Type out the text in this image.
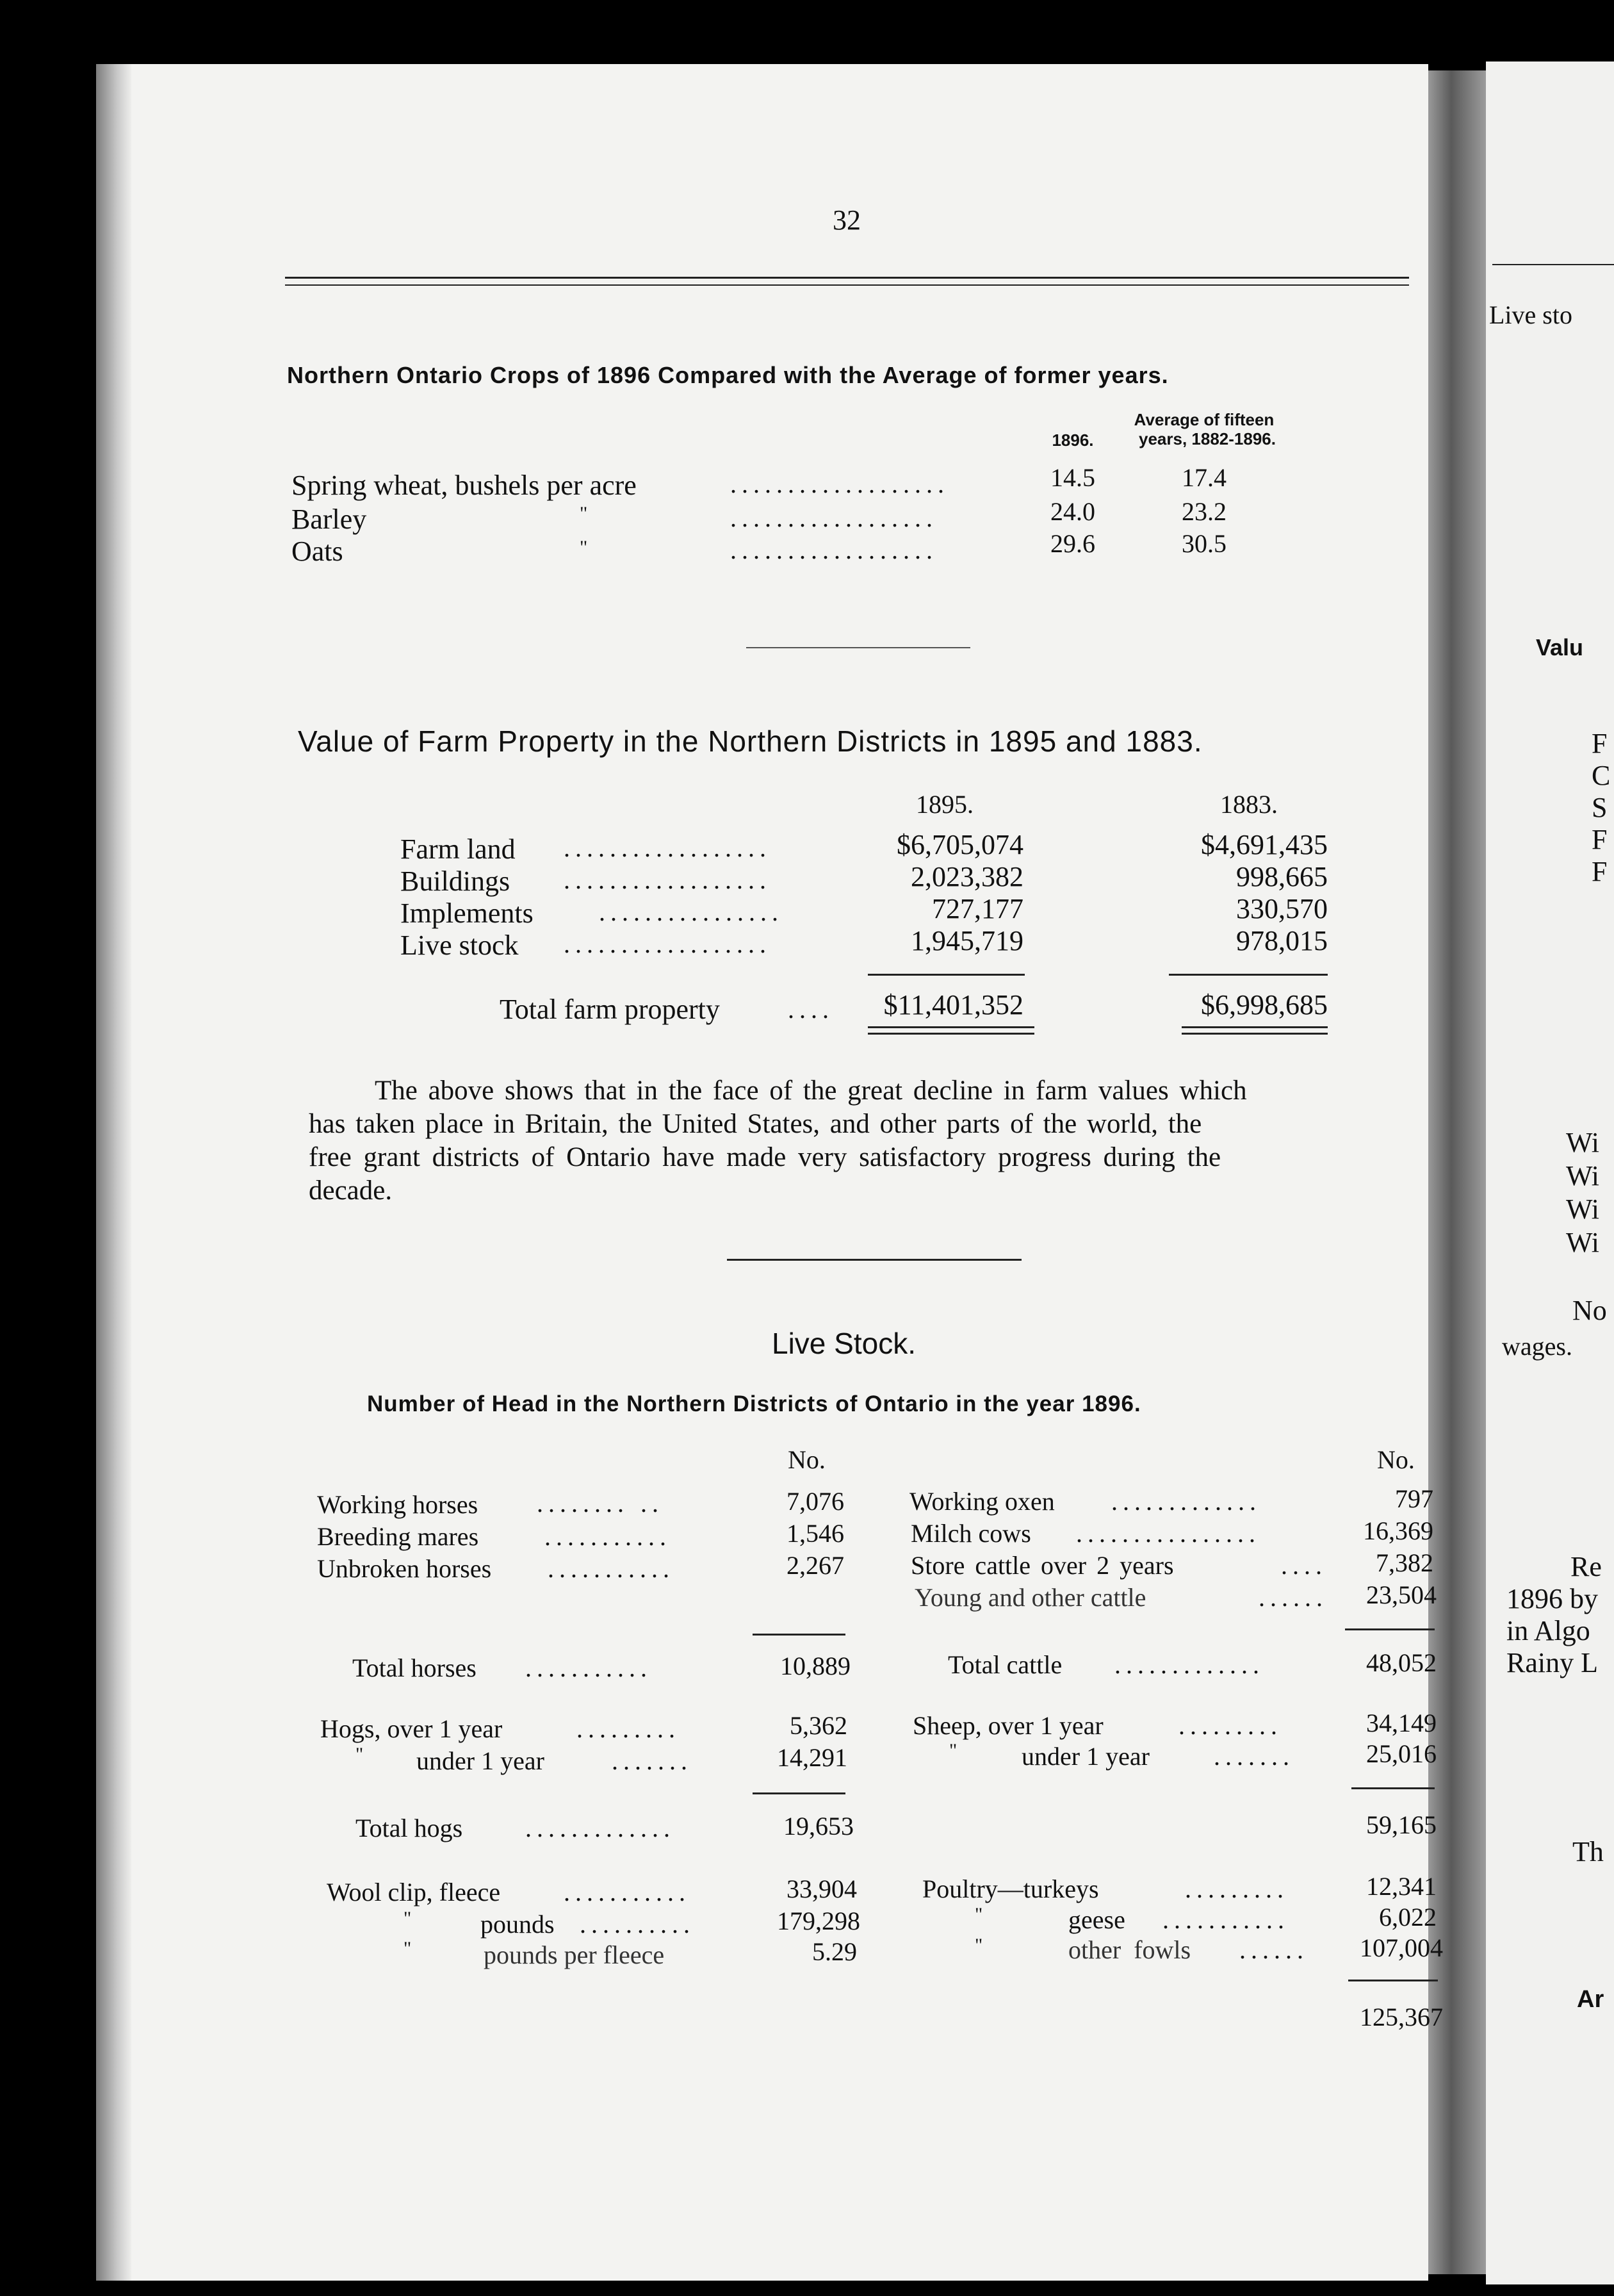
32
Northern Ontario Crops of 1896 Compared with the Average of former years.
Average of fifteen
years, 1882-1896.
1896.
Spring wheat, bushels per acre	...................	14.5	17.4
Barley	"	..................	24.0	23.2
Oats	"	..................	29.6	30.5
Value of Farm Property in the Northern Districts in 1895 and 1883.
1895.	1883.
Farm land ..................	$6,705,074	$4,691,435
Buildings ..................	2,023,382	998,665
Implements	................	727,177	330,570
Live stock ..................	1,945,719	978,015
Total farm property	.... $11,401,352	$6,998,685
The above shows that in the face of the great decline in farm values which
has taken place in Britain, the United States, and other parts of the world, the
free grant districts of Ontario have made very satisfactory progress during the
decade.
Live Stock.
Number of Head in the Northern Districts of Ontario in the year 1896.
No.	No.
Working horses ........ ..	7,076
Breeding mares	...........	1,546
Unbroken horses ...........	2,267
Total horses ...........	10,889
Hogs, over 1 year	.........	5,362
" under 1 year	.......	14,291
Total hogs .............	19,653
Wool clip, fleece ...........	33,904
"	pounds ..........	179,298
"	pounds per fleece	5.29
Working oxen .............	797
Milch cows ................	16,369
Store cattle over 2 years	.... 7,382
Young and other cattle	...... 23,504
Total cattle .............	48,052
Sheep, over 1 year	.........	34,149
"	under 1 year	.......	25,016
59,165
Poultry—turkeys	.........	12,341
"	geese ...........	6,022
"	other fowls ...... 107,004
125,367
Live sto
Valu
F
C
S
F
F
Wi
Wi
Wi
Wi
No
wages.
Re
1896 by
in Algo
Rainy L
Th
Ar
